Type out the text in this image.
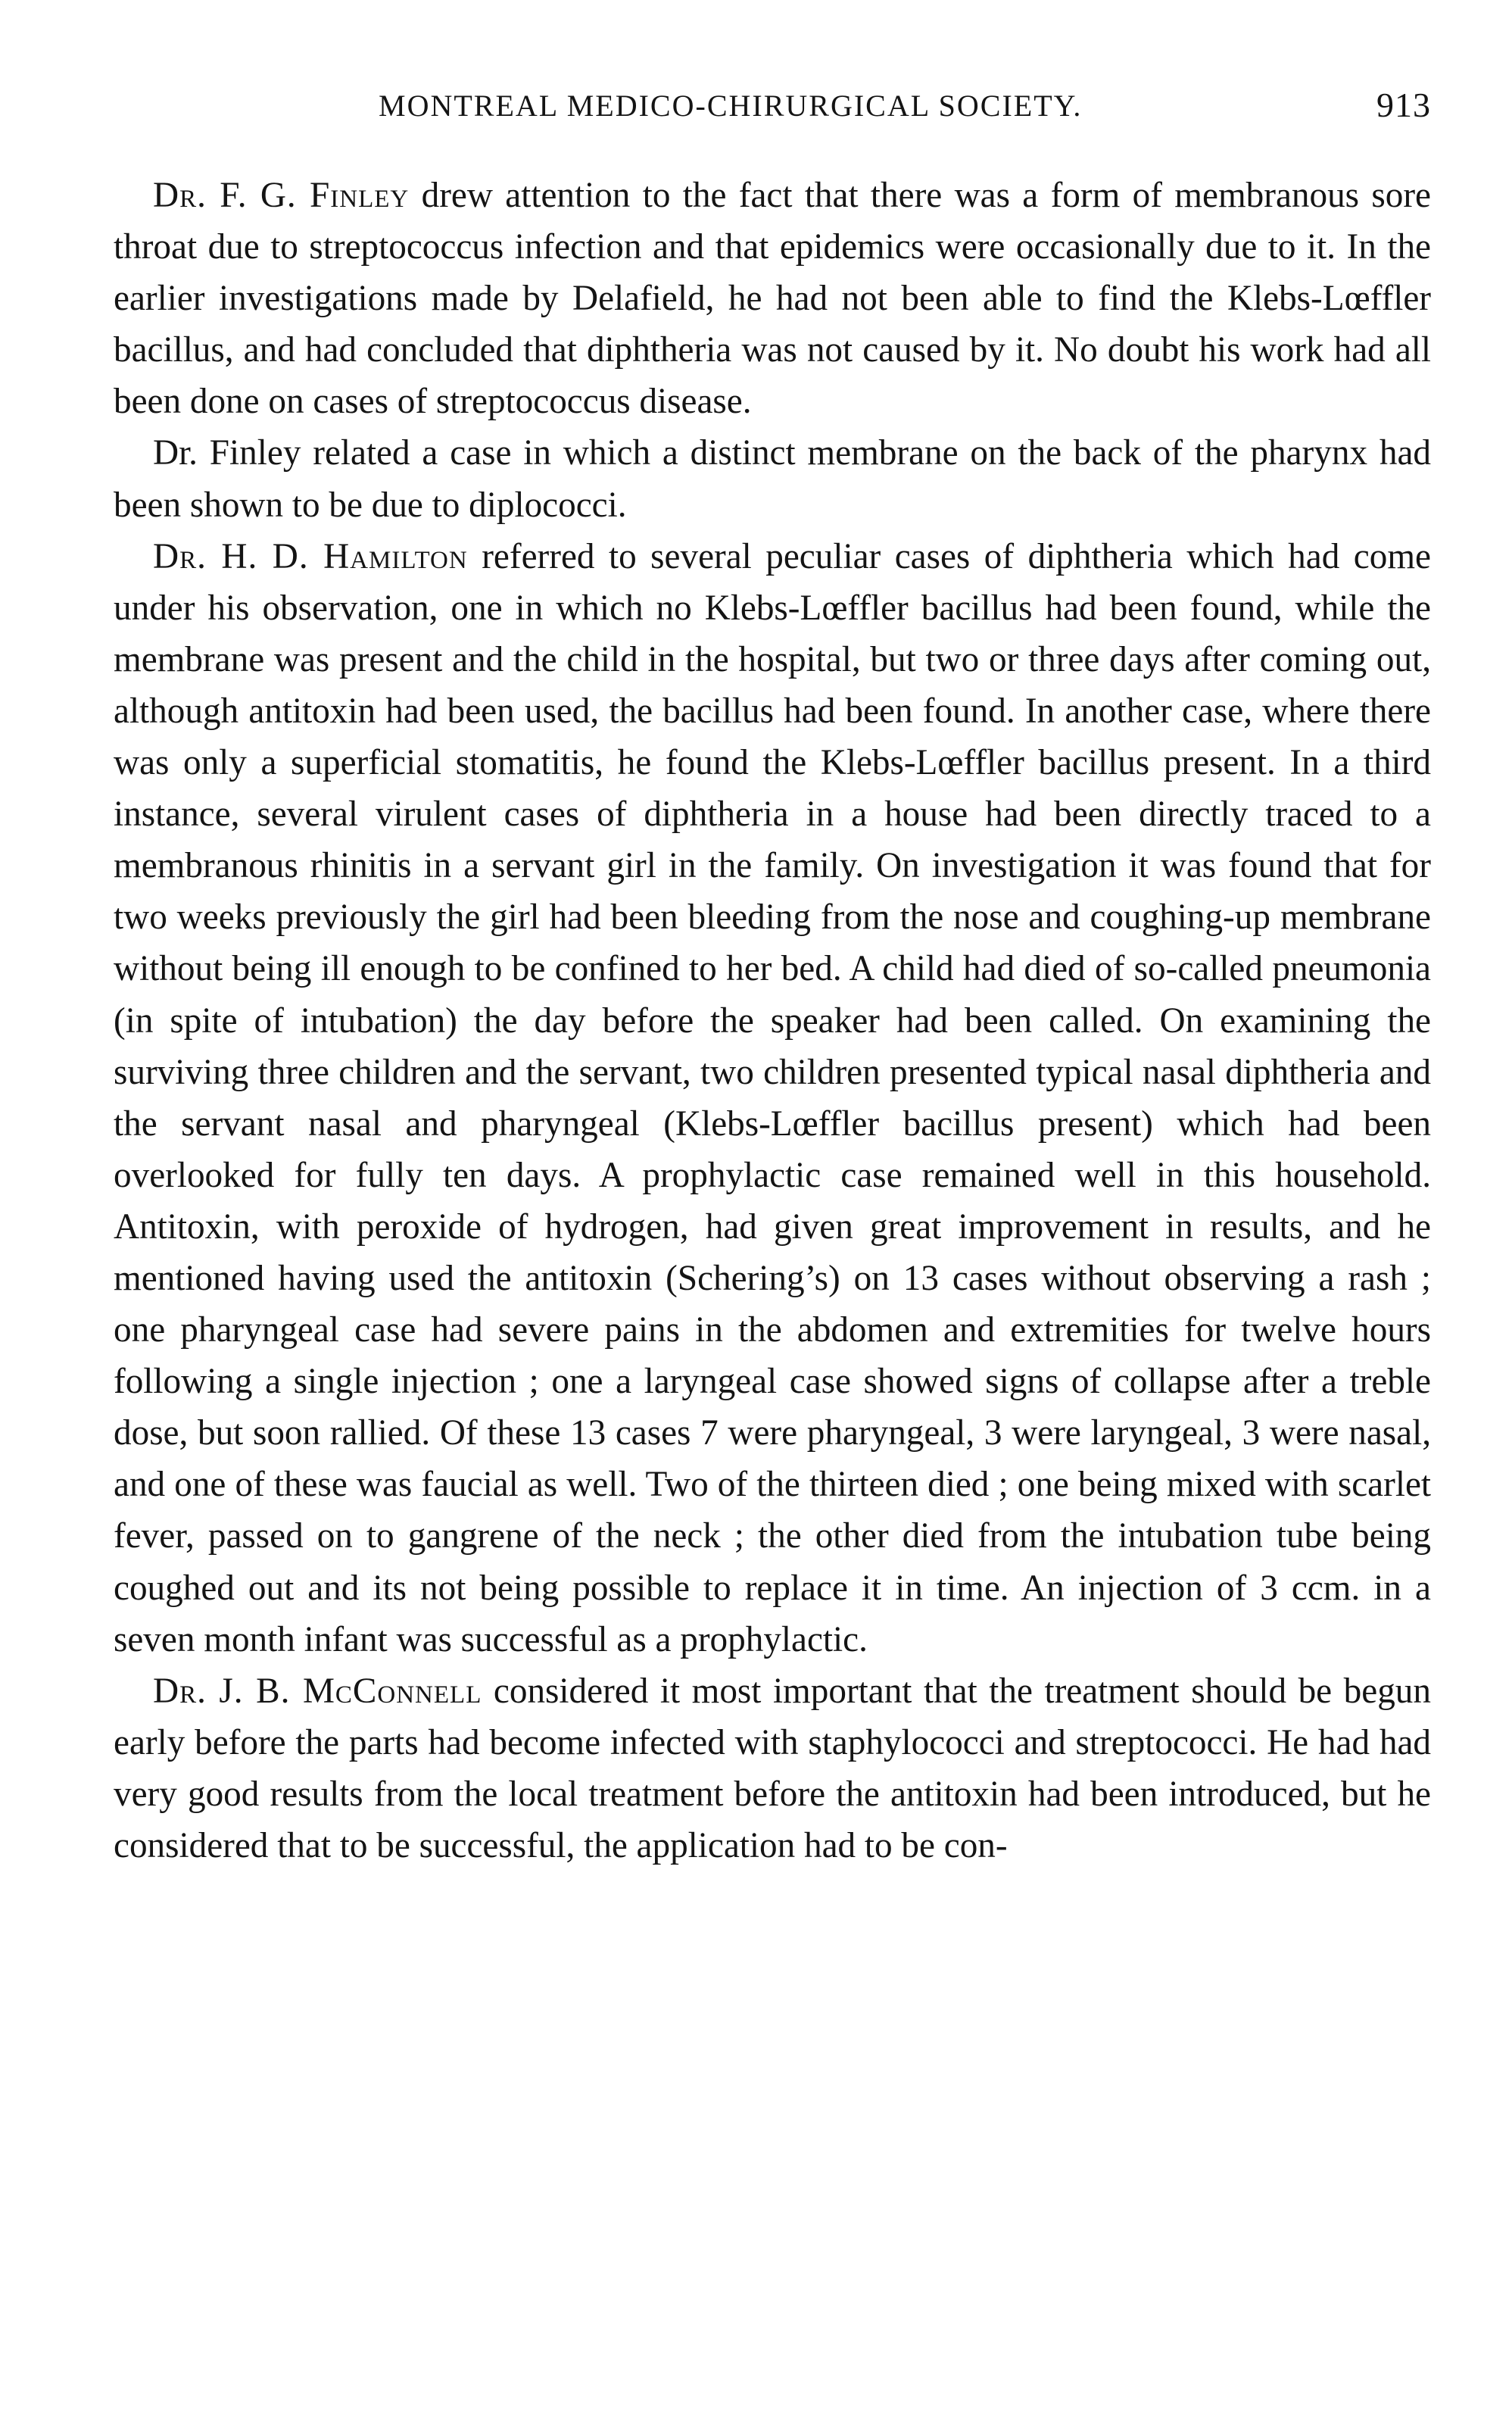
MONTREAL MEDICO-CHIRURGICAL SOCIETY.	913

Dr. F. G. Finley drew attention to the fact that there was a form of membranous sore throat due to streptococcus infection and that epidemics were occasionally due to it. In the earlier investigations made by Delafield, he had not been able to find the Klebs-Lœffler bacillus, and had concluded that diphtheria was not caused by it. No doubt his work had all been done on cases of streptococcus disease.

Dr. Finley related a case in which a distinct membrane on the back of the pharynx had been shown to be due to diplococci.

Dr. H. D. Hamilton referred to several peculiar cases of diphtheria which had come under his observation, one in which no Klebs-Lœffler bacillus had been found, while the membrane was present and the child in the hospital, but two or three days after coming out, although antitoxin had been used, the bacillus had been found. In another case, where there was only a superficial stomatitis, he found the Klebs-Lœffler bacillus present. In a third instance, several virulent cases of diphtheria in a house had been directly traced to a membranous rhinitis in a servant girl in the family. On investigation it was found that for two weeks previously the girl had been bleeding from the nose and coughing-up membrane without being ill enough to be confined to her bed. A child had died of so-called pneumonia (in spite of intubation) the day before the speaker had been called. On examining the surviving three children and the servant, two children presented typical nasal diphtheria and the servant nasal and pharyngeal (Klebs-Lœffler bacillus present) which had been overlooked for fully ten days. A prophylactic case remained well in this household. Antitoxin, with peroxide of hydrogen, had given great improvement in results, and he mentioned having used the antitoxin (Schering’s) on 13 cases without observing a rash ; one pharyngeal case had severe pains in the abdomen and extremities for twelve hours following a single injection ; one a laryngeal case showed signs of collapse after a treble dose, but soon rallied. Of these 13 cases 7 were pharyngeal, 3 were laryngeal, 3 were nasal, and one of these was faucial as well. Two of the thirteen died ; one being mixed with scarlet fever, passed on to gangrene of the neck ; the other died from the intubation tube being coughed out and its not being possible to replace it in time. An injection of 3 ccm. in a seven month infant was successful as a prophylactic.

Dr. J. B. McConnell considered it most important that the treatment should be begun early before the parts had become infected with staphylococci and streptococci. He had had very good results from the local treatment before the antitoxin had been introduced, but he considered that to be successful, the application had to be con-
